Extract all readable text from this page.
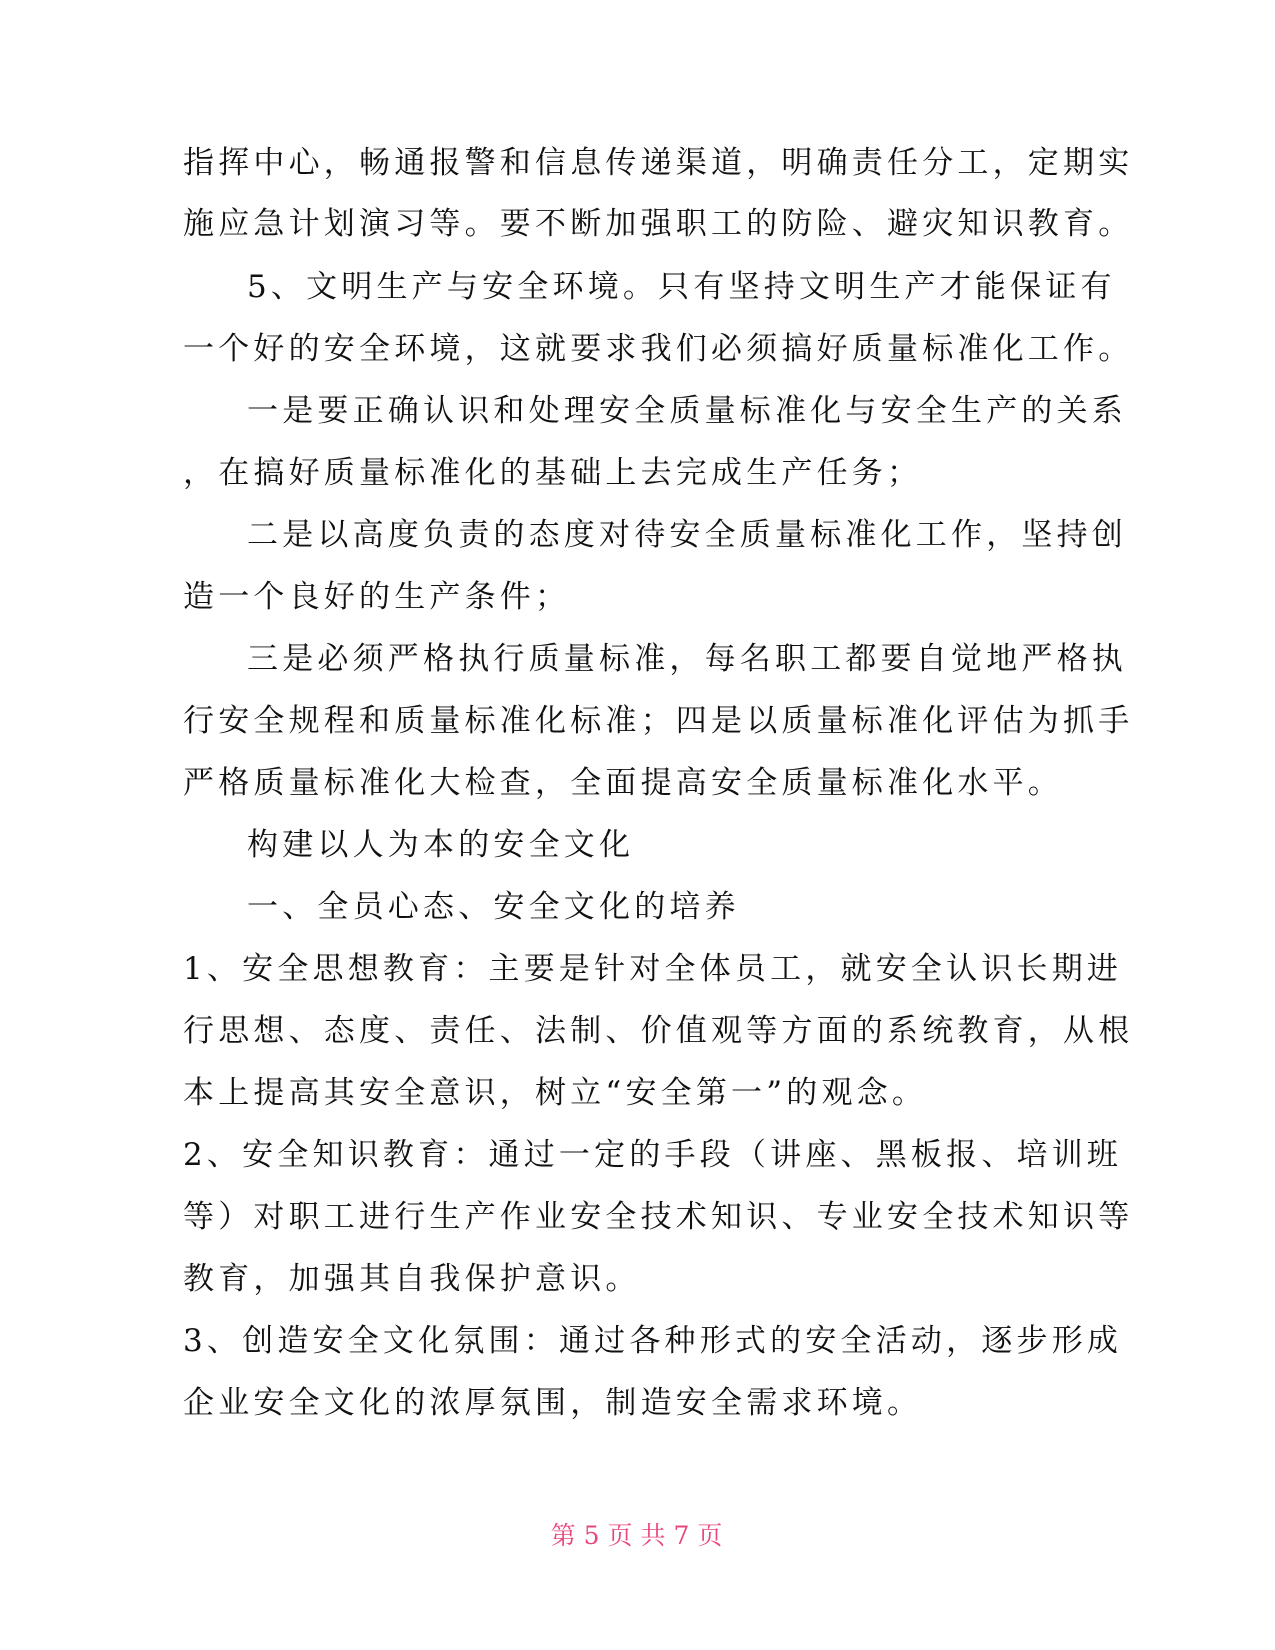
指挥中心，畅通报警和信息传递渠道，明确责任分工，定期实
施应急计划演习等。要不断加强职工的防险、避灾知识教育。
5、文明生产与安全环境。只有坚持文明生产才能保证有
一个好的安全环境，这就要求我们必须搞好质量标准化工作。
一是要正确认识和处理安全质量标准化与安全生产的关系
，在搞好质量标准化的基础上去完成生产任务；
二是以高度负责的态度对待安全质量标准化工作，坚持创
造一个良好的生产条件；
三是必须严格执行质量标准，每名职工都要自觉地严格执
行安全规程和质量标准化标准；四是以质量标准化评估为抓手
严格质量标准化大检查，全面提高安全质量标准化水平。
构建以人为本的安全文化
一、全员心态、安全文化的培养
1、安全思想教育：主要是针对全体员工，就安全认识长期进
行思想、态度、责任、法制、价值观等方面的系统教育，从根
本上提高其安全意识，树立“安全第一”的观念。
2、安全知识教育：通过一定的手段（讲座、黑板报、培训班
等）对职工进行生产作业安全技术知识、专业安全技术知识等
教育，加强其自我保护意识。
3、创造安全文化氛围：通过各种形式的安全活动，逐步形成
企业安全文化的浓厚氛围，制造安全需求环境。
第 5 页 共 7 页
